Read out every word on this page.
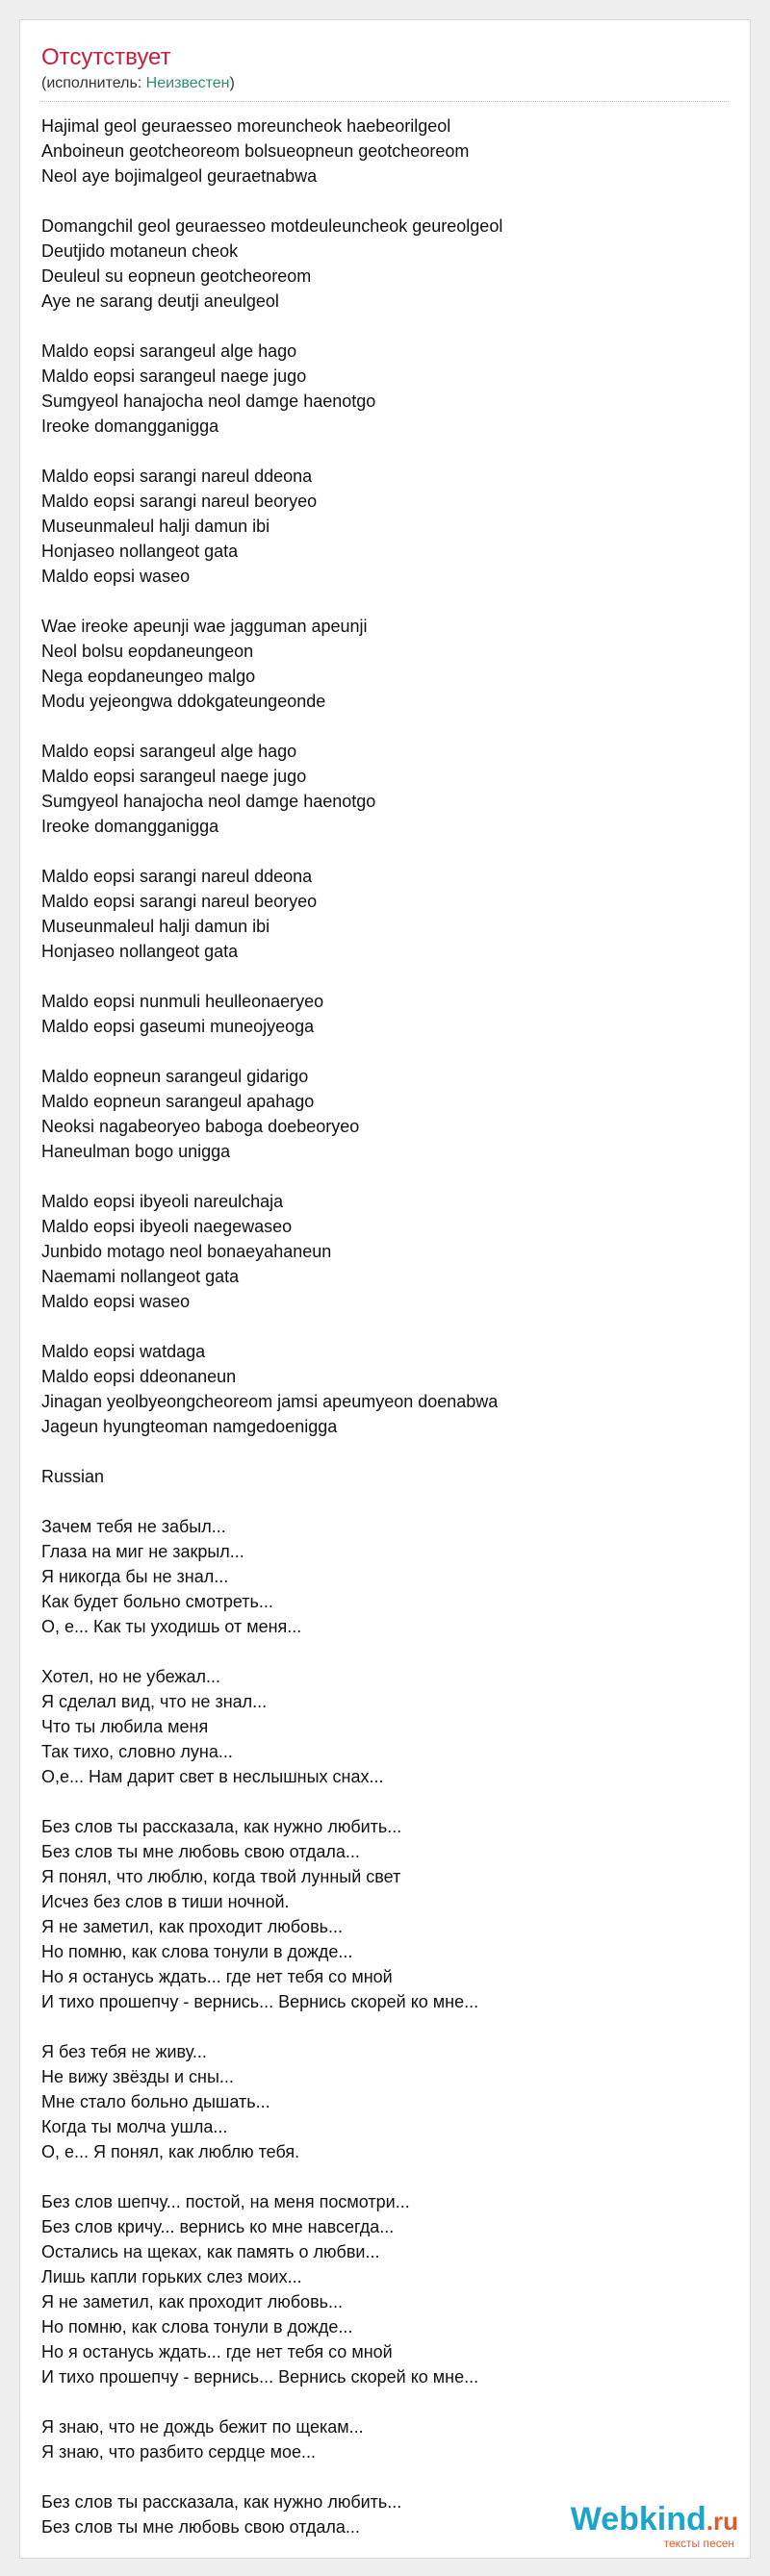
Отсутствует
(исполнитель: Неизвестен)
Hajimal geol geuraesseo moreuncheok haebeorilgeol
Anboineun geotcheoreom bolsueopneun geotcheoreom
Neol aye bojimalgeol geuraetnabwa
Domangchil geol geuraesseo motdeuleuncheok geureolgeol
Deutjido motaneun cheok
Deuleul su eopneun geotcheoreom
Aye ne sarang deutji aneulgeol
Maldo eopsi sarangeul alge hago
Maldo eopsi sarangeul naege jugo
Sumgyeol hanajocha neol damge haenotgo
Ireoke domangganigga
Maldo eopsi sarangi nareul ddeona
Maldo eopsi sarangi nareul beoryeo
Museunmaleul halji damun ibi
Honjaseo nollangeot gata
Maldo eopsi waseo
Wae ireoke apeunji wae jagguman apeunji
Neol bolsu eopdaneungeon
Nega eopdaneungeo malgo
Modu yejeongwa ddokgateungeonde
Maldo eopsi sarangeul alge hago
Maldo eopsi sarangeul naege jugo
Sumgyeol hanajocha neol damge haenotgo
Ireoke domangganigga
Maldo eopsi sarangi nareul ddeona
Maldo eopsi sarangi nareul beoryeo
Museunmaleul halji damun ibi
Honjaseo nollangeot gata
Maldo eopsi nunmuli heulleonaeryeo
Maldo eopsi gaseumi muneojyeoga
Maldo eopneun sarangeul gidarigo
Maldo eopneun sarangeul apahago
Neoksi nagabeoryeo baboga doebeoryeo
Haneulman bogo unigga
Maldo eopsi ibyeoli nareulchaja
Maldo eopsi ibyeoli naegewaseo
Junbido motago neol bonaeyahaneun
Naemami nollangeot gata
Maldo eopsi waseo
Maldo eopsi watdaga
Maldo eopsi ddeonaneun
Jinagan yeolbyeongcheoreom jamsi apeumyeon doenabwa
Jageun hyungteoman namgedoenigga
Russian
Зачем тебя не забыл...
Глаза на миг не закрыл...
Я никогда бы не знал...
Как будет больно смотреть...
О, е... Как ты уходишь от меня...
Хотел, но не убежал...
Я сделал вид, что не знал...
Что ты любила меня
Так тихо, словно луна...
О,е... Нам дарит свет в неслышных снах...
Без слов ты рассказала, как нужно любить...
Без слов ты мне любовь свою отдала...
Я понял, что люблю, когда твой лунный свет
Исчез без слов в тиши ночной.
Я не заметил, как проходит любовь...
Но помню, как слова тонули в дожде...
Но я останусь ждать... где нет тебя со мной
И тихо прошепчу - вернись... Вернись скорей ко мне...
Я без тебя не живу...
Не вижу звёзды и сны...
Мне стало больно дышать...
Когда ты молча ушла...
О, е... Я понял, как люблю тебя.
Без слов шепчу... постой, на меня посмотри...
Без слов кричу... вернись ко мне навсегда...
Остались на щеках, как память о любви...
Лишь капли горьких слез моих...
Я не заметил, как проходит любовь...
Но помню, как слова тонули в дожде...
Но я останусь ждать... где нет тебя со мной
И тихо прошепчу - вернись... Вернись скорей ко мне...
Я знаю, что не дождь бежит по щекам...
Я знаю, что разбито сердце мое...
Без слов ты рассказала, как нужно любить...
Без слов ты мне любовь свою отдала...	Webkind.ru
тексты песен
